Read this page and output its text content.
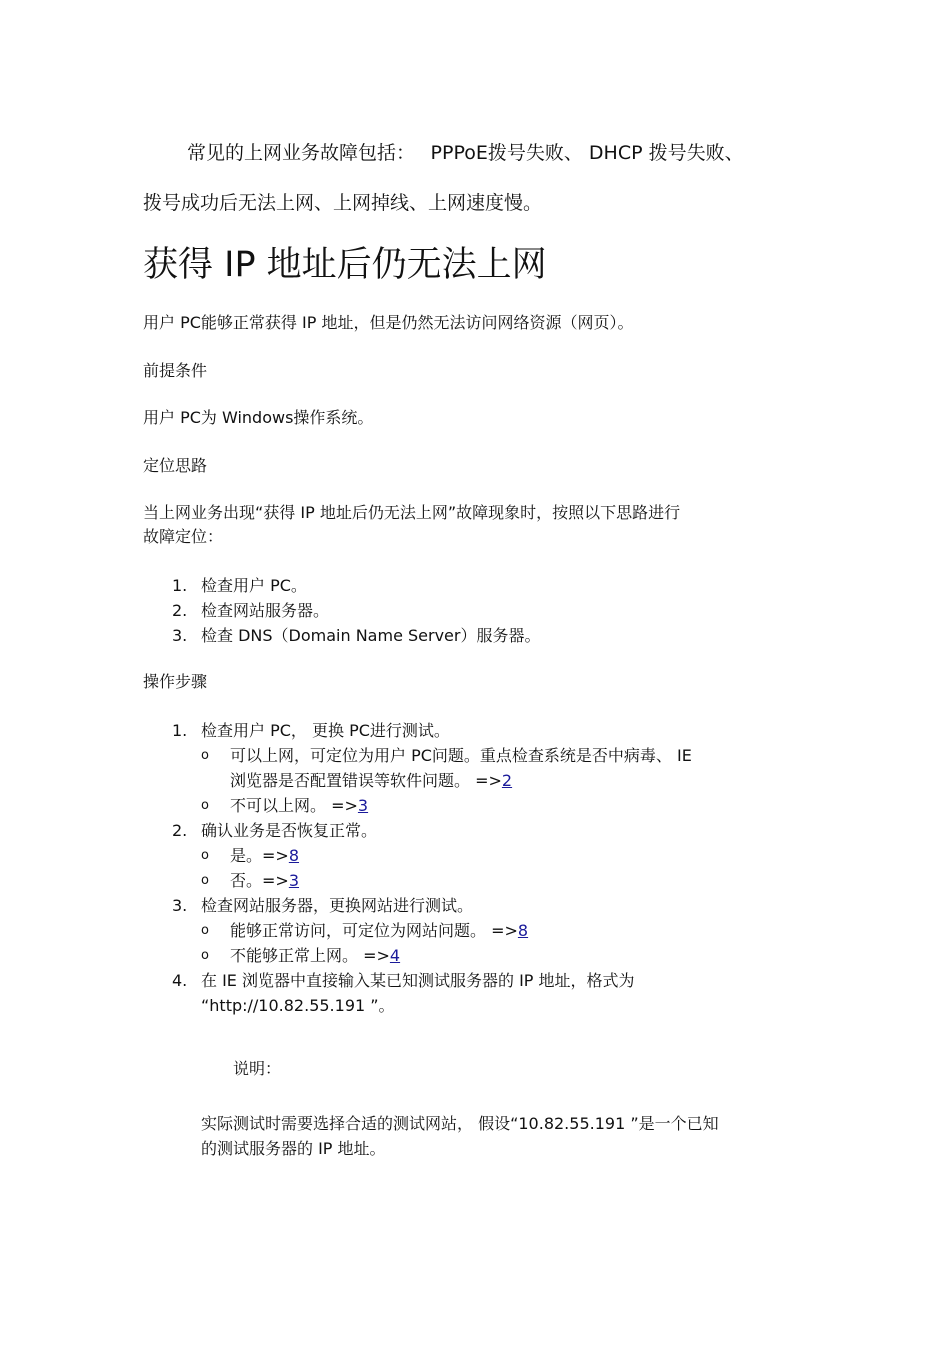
常见的上网业务故障包括：　 PPPoE拨号失败、 DHCP 拨号失败、
拨号成功后无法上网、上网掉线、上网速度慢。
获得 IP 地址后仍无法上网
用户 PC能够正常获得 IP 地址，但是仍然无法访问网络资源（网页）。
前提条件
用户 PC为 Windows操作系统。
定位思路
当上网业务出现“获得 IP 地址后仍无法上网”故障现象时，按照以下思路进行
故障定位：
1. 检查用户 PC。
2. 检查网站服务器。
3. 检查 DNS（Domain Name Server）服务器。
操作步骤
1. 检查用户 PC， 更换 PC进行测试。
o 可以上网，可定位为用户 PC问题。重点检查系统是否中病毒、 IE
浏览器是否配置错误等软件问题。 =>2
o 不可以上网。 =>3
2. 确认业务是否恢复正常。
o 是。=>8
o 否。=>3
3. 检查网站服务器，更换网站进行测试。
o 能够正常访问，可定位为网站问题。 =>8
o 不能够正常上网。 =>4
4. 在 IE 浏览器中直接输入某已知测试服务器的 IP 地址，格式为
“http://10.82.55.191 ”。
说明：
实际测试时需要选择合适的测试网站， 假设“10.82.55.191 ”是一个已知
的测试服务器的 IP 地址。
